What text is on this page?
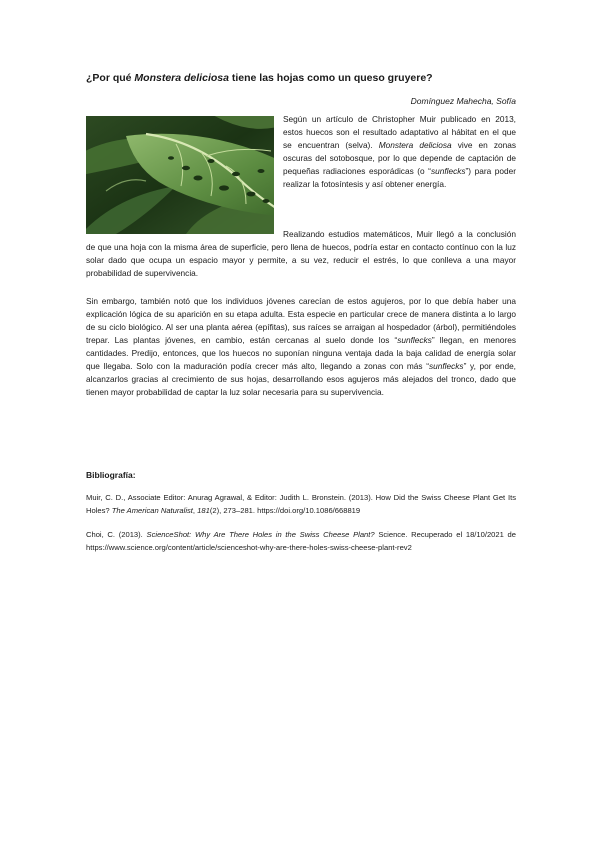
¿Por qué Monstera deliciosa tiene las hojas como un queso gruyere?
Domínguez Mahecha, Sofía

Según un artículo de Christopher Muir publicado en 2013, estos huecos son el resultado adaptativo al hábitat en el que se encuentran (selva). Monstera deliciosa vive en zonas oscuras del sotobosque, por lo que depende de captación de pequeñas radiaciones esporádicas (o “sunflecks”) para poder realizar la fotosíntesis y así obtener energía.

Realizando estudios matemáticos, Muir llegó a la conclusión de que una hoja con la misma área de superficie, pero llena de huecos, podría estar en contacto contínuo con la luz solar dado que ocupa un espacio mayor y permite, a su vez, reducir el estrés, lo que conlleva a una mayor probabilidad de supervivencia.

Sin embargo, también notó que los individuos jóvenes carecían de estos agujeros, por lo que debía haber una explicación lógica de su aparición en su etapa adulta. Esta especie en particular crece de manera distinta a lo largo de su ciclo biológico. Al ser una planta aérea (epífitas), sus raíces se arraigan al hospedador (árbol), permitiéndoles trepar. Las plantas jóvenes, en cambio, están cercanas al suelo donde los “sunflecks” llegan, en menores cantidades. Predijo, entonces, que los huecos no suponían ninguna ventaja dada la baja calidad de energía solar que llegaba. Solo con la maduración podía crecer más alto, llegando a zonas con más “sunflecks” y, por ende, alcanzarlos gracias al crecimiento de sus hojas, desarrollando esos agujeros más alejados del tronco, dado que tienen mayor probabilidad de captar la luz solar necesaria para su supervivencia.

Bibliografía:

Muir, C. D., Associate Editor: Anurag Agrawal, & Editor: Judith L. Bronstein. (2013). How Did the Swiss Cheese Plant Get Its Holes? The American Naturalist, 181(2), 273–281. https://doi.org/10.1086/668819

Choi, C. (2013). ScienceShot: Why Are There Holes in the Swiss Cheese Plant? Science. Recuperado el 18/10/2021 de https://www.science.org/content/article/scienceshot-why-are-there-holes-swiss-cheese-plant-rev2
